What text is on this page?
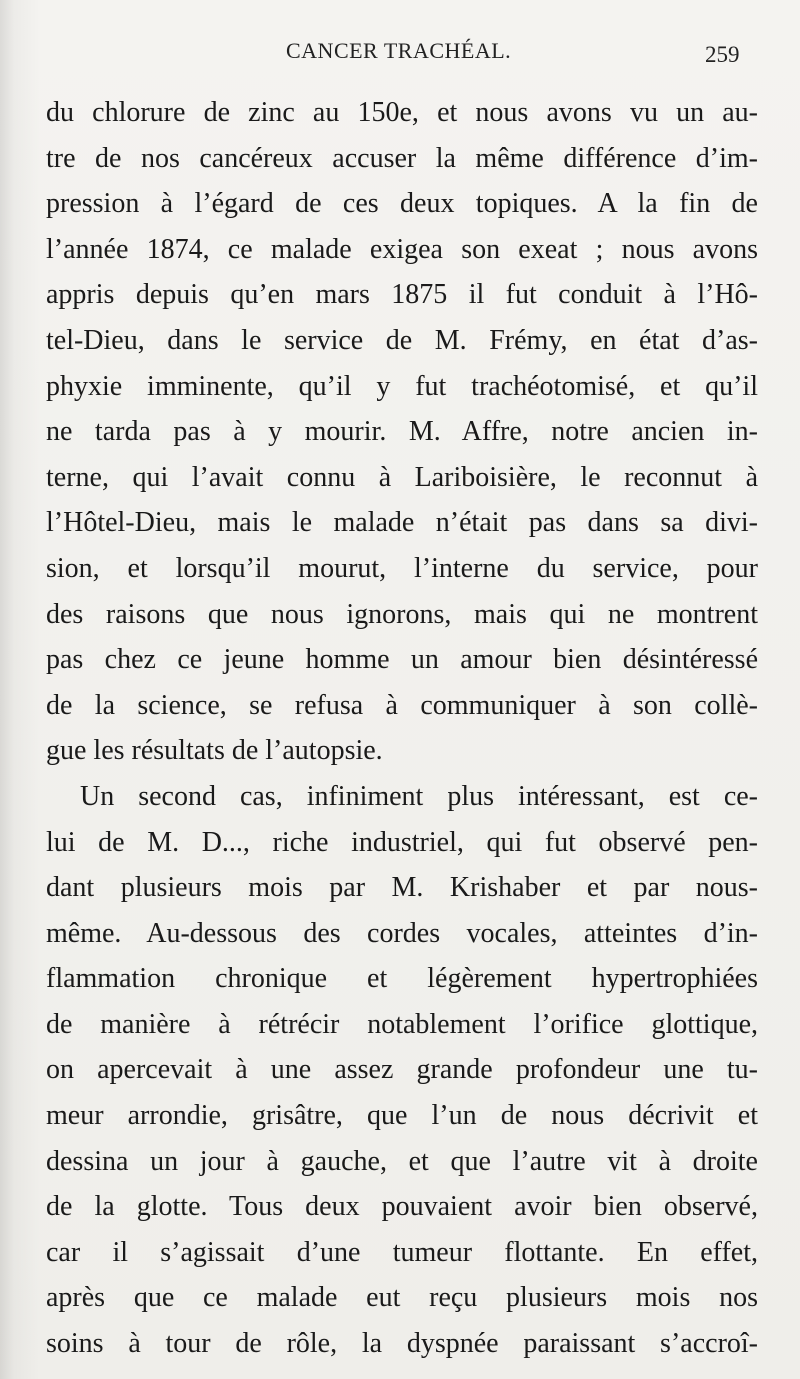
CANCER TRACHÉAL.	259
du chlorure de zinc au 150e, et nous avons vu un au-
tre de nos cancéreux accuser la même différence d’im-
pression à l’égard de ces deux topiques. A la fin de
l’année 1874, ce malade exigea son exeat ; nous avons
appris depuis qu’en mars 1875 il fut conduit à l’Hô-
tel-Dieu, dans le service de M. Frémy, en état d’as-
phyxie imminente, qu’il y fut trachéotomisé, et qu’il
ne tarda pas à y mourir. M. Affre, notre ancien in-
terne, qui l’avait connu à Lariboisière, le reconnut à
l’Hôtel-Dieu, mais le malade n’était pas dans sa divi-
sion, et lorsqu’il mourut, l’interne du service, pour
des raisons que nous ignorons, mais qui ne montrent
pas chez ce jeune homme un amour bien désintéressé
de la science, se refusa à communiquer à son collè-
gue les résultats de l’autopsie.
Un second cas, infiniment plus intéressant, est ce-
lui de M. D..., riche industriel, qui fut observé pen-
dant plusieurs mois par M. Krishaber et par nous-
même. Au-dessous des cordes vocales, atteintes d’in-
flammation chronique et légèrement hypertrophiées
de manière à rétrécir notablement l’orifice glottique,
on apercevait à une assez grande profondeur une tu-
meur arrondie, grisâtre, que l’un de nous décrivit et
dessina un jour à gauche, et que l’autre vit à droite
de la glotte. Tous deux pouvaient avoir bien observé,
car il s’agissait d’une tumeur flottante. En effet,
après que ce malade eut reçu plusieurs mois nos
soins à tour de rôle, la dyspnée paraissant s’accroî-
